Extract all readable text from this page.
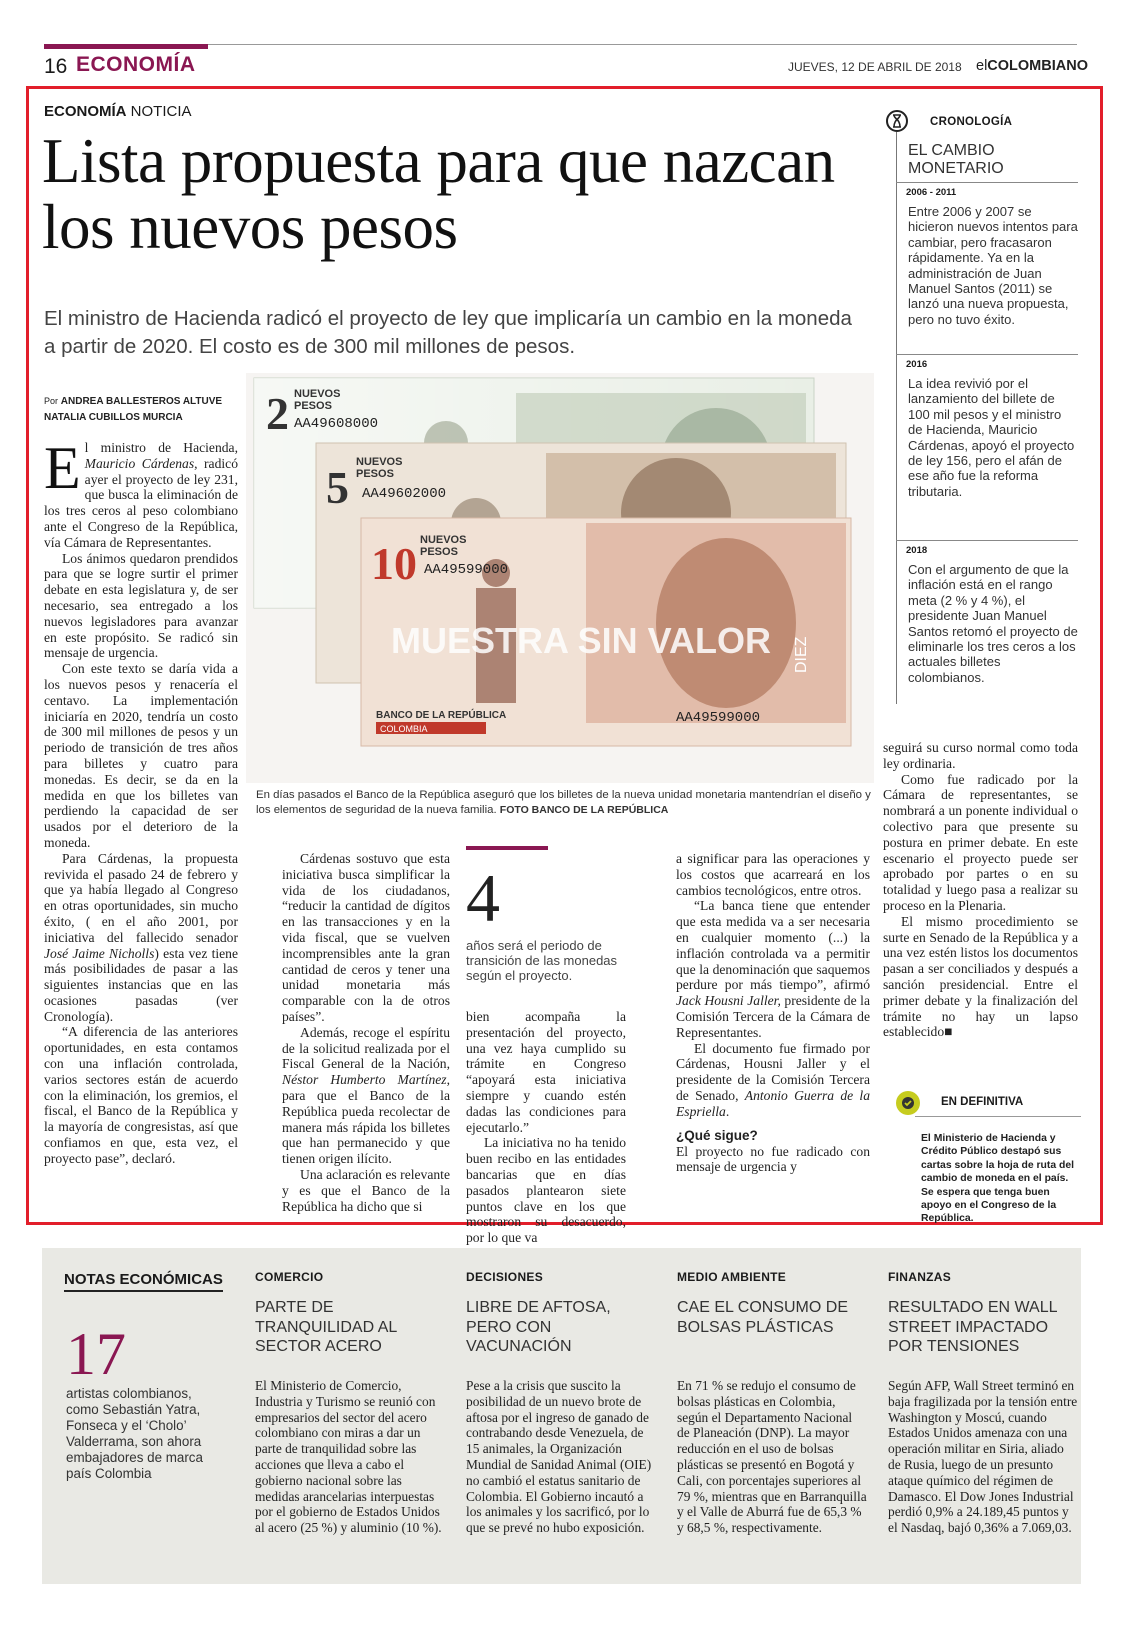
16 ECONOMÍA	JUEVES, 12 DE ABRIL DE 2018 elCOLOMBIANO
ECONOMÍA NOTICIA
Lista propuesta para que nazcan los nuevos pesos
El ministro de Hacienda radicó el proyecto de ley que implicaría un cambio en la moneda a partir de 2020. El costo es de 300 mil millones de pesos.
Por ANDREA BALLESTEROS ALTUVE
NATALIA CUBILLOS MURCIA

El ministro de Hacienda, Mauricio Cárdenas, radicó ayer el proyecto de ley 231, que busca la eliminación de los tres ceros al peso colombiano ante el Congreso de la República, vía Cámara de Representantes.

Los ánimos quedaron prendidos para que se logre surtir el primer debate en esta legislatura y, de ser necesario, sea entregado a los nuevos legisladores para avanzar en este propósito. Se radicó sin mensaje de urgencia.

Con este texto se daría vida a los nuevos pesos y renacería el centavo. La implementación iniciaría en 2020, tendría un costo de 300 mil millones de pesos y un periodo de transición de tres años para billetes y cuatro para monedas. Es decir, se da en la medida en que los billetes van perdiendo la capacidad de ser usados por el deterioro de la moneda.

Para Cárdenas, la propuesta revivida el pasado 24 de febrero y que ya había llegado al Congreso en otras oportunidades, sin mucho éxito, ( en el año 2001, por iniciativa del fallecido senador José Jaime Nicholls) esta vez tiene más posibilidades de pasar a las siguientes instancias que en las ocasiones pasadas (ver Cronología).

“A diferencia de las anteriores oportunidades, en esta contamos con una inflación controlada, varios sectores están de acuerdo con la eliminación, los gremios, el fiscal, el Banco de la República y la mayoría de congresistas, así que confiamos en que, esta vez, el proyecto pase”, declaró.

2 NUEVOS
PESOS
AA49608000
5 NUEVOS
PESOS
AA49602000
10 NUEVOS
PESOS
AA49599000
MUESTRA SIN VALOR
BANCO DE LA REPÚBLICA
COLOMBIA
AA49599000
DIEZ
En días pasados el Banco de la República aseguró que los billetes de la nueva unidad monetaria mantendrían el diseño y los elementos de seguridad de la nueva familia. FOTO BANCO DE LA REPÚBLICA

Cárdenas sostuvo que esta iniciativa busca simplificar la vida de los ciudadanos, “reducir la cantidad de dígitos en las transacciones y en la vida fiscal, que se vuelven incomprensibles ante la gran cantidad de ceros y tener una unidad monetaria más comparable con la de otros países”.

Además, recoge el espíritu de la solicitud realizada por el Fiscal General de la Nación, Néstor Humberto Martínez, para que el Banco de la República pueda recolectar de manera más rápida los billetes que han permanecido y que tienen origen ilícito.

Una aclaración es relevante y es que el Banco de la República ha dicho que si

4
años será el periodo de transición de las monedas según el proyecto.

bien acompaña la presentación del proyecto, una vez haya cumplido su trámite en Congreso “apoyará esta iniciativa siempre y cuando estén dadas las condiciones para ejecutarlo.”

La iniciativa no ha tenido buen recibo en las entidades bancarias que en días pasados plantearon siete puntos clave en los que mostraron su desacuerdo, por lo que va

a significar para las operaciones y los costos que acarreará en los cambios tecnológicos, entre otros.

“La banca tiene que entender que esta medida va a ser necesaria en cualquier momento (...) la inflación controlada va a permitir que la denominación que saquemos perdure por más tiempo”, afirmó Jack Housni Jaller, presidente de la Comisión Tercera de la Cámara de Representantes.

El documento fue firmado por Cárdenas, Housni Jaller y el presidente de la Comisión Tercera de Senado, Antonio Guerra de la Espriella.

¿Qué sigue?

El proyecto no fue radicado con mensaje de urgencia y

seguirá su curso normal como toda ley ordinaria.

Como fue radicado por la Cámara de representantes, se nombrará a un ponente individual o colectivo para que presente su postura en primer debate. En este escenario el proyecto puede ser aprobado por partes o en su totalidad y luego pasa a realizar su proceso en la Plenaria.

El mismo procedimiento se surte en Senado de la República y a una vez estén listos los documentos pasan a ser conciliados y después a sanción presidencial. Entre el primer debate y la finalización del trámite no hay un lapso establecido■

CRONOLOGÍA
EL CAMBIO MONETARIO
2006 - 2011
Entre 2006 y 2007 se hicieron nuevos intentos para cambiar, pero fracasaron rápidamente. Ya en la administración de Juan Manuel Santos (2011) se lanzó una nueva propuesta, pero no tuvo éxito.
2016
La idea revivió por el lanzamiento del billete de 100 mil pesos y el ministro de Hacienda, Mauricio Cárdenas, apoyó el proyecto de ley 156, pero el afán de ese año fue la reforma tributaria.
2018
Con el argumento de que la inflación está en el rango meta (2 % y 4 %), el presidente Juan Manuel Santos retomó el proyecto de eliminarle los tres ceros a los actuales billetes colombianos.
EN DEFINITIVA
El Ministerio de Hacienda y Crédito Público destapó sus cartas sobre la hoja de ruta del cambio de moneda en el país. Se espera que tenga buen apoyo en el Congreso de la República.
NOTAS ECONÓMICAS
17
artistas colombianos, como Sebastián Yatra, Fonseca y el ‘Cholo’ Valderrama, son ahora embajadores de marca país Colombia
COMERCIO
PARTE DE TRANQUILIDAD AL SECTOR ACERO
El Ministerio de Comercio, Industria y Turismo se reunió con empresarios del sector del acero colombiano con miras a dar un parte de tranquilidad sobre las acciones que lleva a cabo el gobierno nacional sobre las medidas arancelarias interpuestas por el gobierno de Estados Unidos al acero (25 %) y aluminio (10 %).
DECISIONES
LIBRE DE AFTOSA, PERO CON VACUNACIÓN
Pese a la crisis que suscito la posibilidad de un nuevo brote de aftosa por el ingreso de ganado de contrabando desde Venezuela, de 15 animales, la Organización Mundial de Sanidad Animal (OIE) no cambió el estatus sanitario de Colombia. El Gobierno incautó a los animales y los sacrificó, por lo que se prevé no hubo exposición.
MEDIO AMBIENTE
CAE EL CONSUMO DE BOLSAS PLÁSTICAS
En 71 % se redujo el consumo de bolsas plásticas en Colombia, según el Departamento Nacional de Planeación (DNP). La mayor reducción en el uso de bolsas plásticas se presentó en Bogotá y Cali, con porcentajes superiores al 79 %, mientras que en Barranquilla y el Valle de Aburrá fue de 65,3 % y 68,5 %, respectivamente.
FINANZAS
RESULTADO EN WALL STREET IMPACTADO POR TENSIONES
Según AFP, Wall Street terminó en baja fragilizada por la tensión entre Washington y Moscú, cuando Estados Unidos amenaza con una operación militar en Siria, aliado de Rusia, luego de un presunto ataque químico del régimen de Damasco. El Dow Jones Industrial perdió 0,9% a 24.189,45 puntos y el Nasdaq, bajó 0,36% a 7.069,03.
